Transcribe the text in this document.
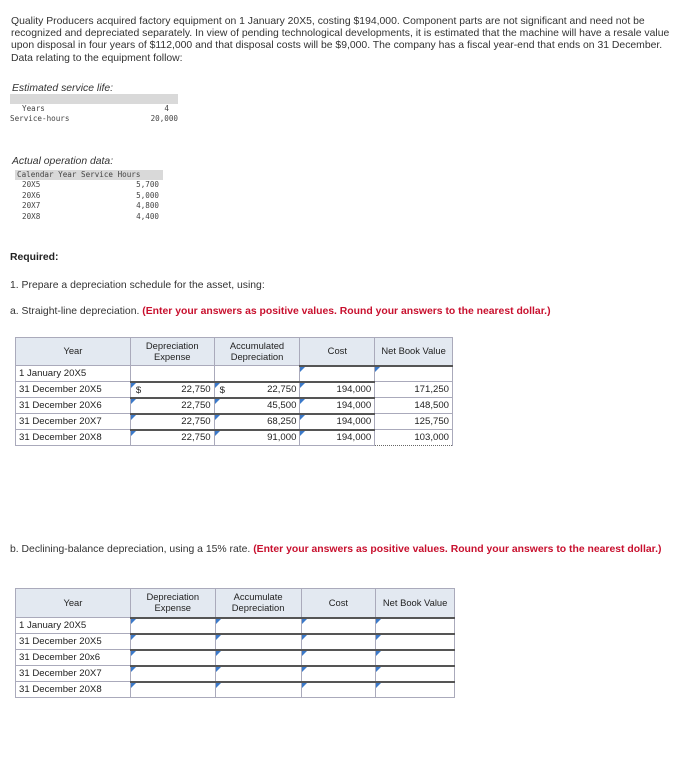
Quality Producers acquired factory equipment on 1 January 20X5, costing $194,000. Component parts are not significant and need not be recognized and depreciated separately. In view of pending technological developments, it is estimated that the machine will have a resale value upon disposal in four years of $112,000 and that disposal costs will be $9,000. The company has a fiscal year-end that ends on 31 December. Data relating to the equipment follow:
Estimated service life:
Years	4
Service-hours	20,000
Actual operation data:
Calendar Year Service Hours
20X5	5,700
20X6	5,000
20X7	4,800
20X8	4,400
Required:
1. Prepare a depreciation schedule for the asset, using:
a. Straight-line depreciation. (Enter your answers as positive values. Round your answers to the nearest dollar.)
Year	Depreciation Expense	Accumulated Depreciation	Cost	Net Book Value
1 January 20X5				
31 December 20X5	$ 22,750	$ 22,750	194,000	171,250
31 December 20X6	22,750	45,500	194,000	148,500
31 December 20X7	22,750	68,250	194,000	125,750
31 December 20X8	22,750	91,000	194,000	103,000
b. Declining-balance depreciation, using a 15% rate. (Enter your answers as positive values. Round your answers to the nearest dollar.)
Year	Depreciation Expense	Accumulate Depreciation	Cost	Net Book Value
1 January 20X5				
31 December 20X5				
31 December 20x6				
31 December 20X7				
31 December 20X8				
